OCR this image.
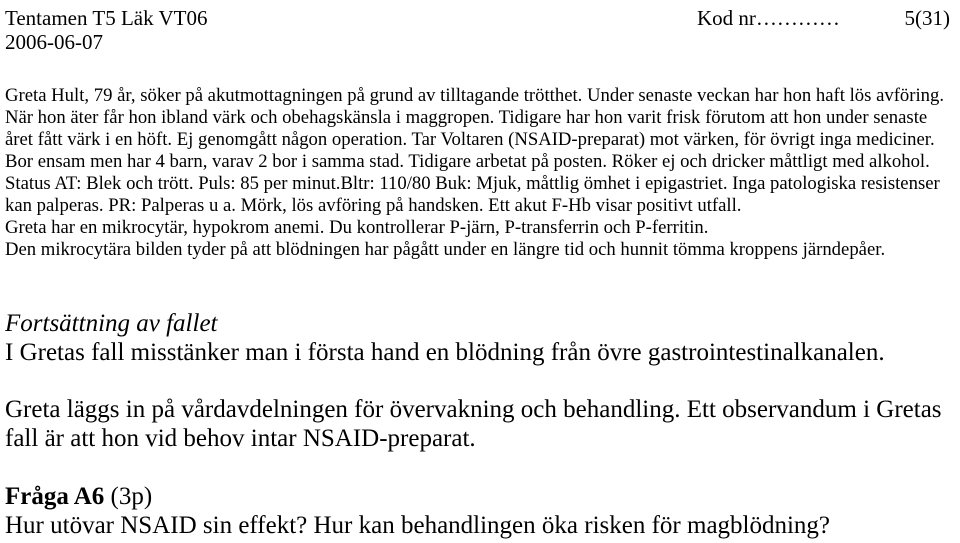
Tentamen T5 Läk VT06	Kod nr…………	5(31)
2006-06-07
Greta Hult, 79 år, söker på akutmottagningen på grund av tilltagande trötthet. Under senaste veckan har hon haft lös avföring.
När hon äter får hon ibland värk och obehagskänsla i maggropen. Tidigare har hon varit frisk förutom att hon under senaste
året fått värk i en höft. Ej genomgått någon operation. Tar Voltaren (NSAID-preparat) mot värken, för övrigt inga mediciner.
Bor ensam men har 4 barn, varav 2 bor i samma stad. Tidigare arbetat på posten. Röker ej och dricker måttligt med alkohol.
Status AT: Blek och trött. Puls: 85 per minut.Bltr: 110/80 Buk: Mjuk, måttlig ömhet i epigastriet. Inga patologiska resistenser
kan palperas. PR: Palperas u a. Mörk, lös avföring på handsken. Ett akut F-Hb visar positivt utfall.
Greta har en mikrocytär, hypokrom anemi. Du kontrollerar P-järn, P-transferrin och P-ferritin.
Den mikrocytära bilden tyder på att blödningen har pågått under en längre tid och hunnit tömma kroppens järndepåer.
Fortsättning av fallet
I Gretas fall misstänker man i första hand en blödning från övre gastrointestinalkanalen.
Greta läggs in på vårdavdelningen för övervakning och behandling. Ett observandum i Gretas
fall är att hon vid behov intar NSAID-preparat.
Fråga A6 (3p)
Hur utövar NSAID sin effekt? Hur kan behandlingen öka risken för magblödning?
